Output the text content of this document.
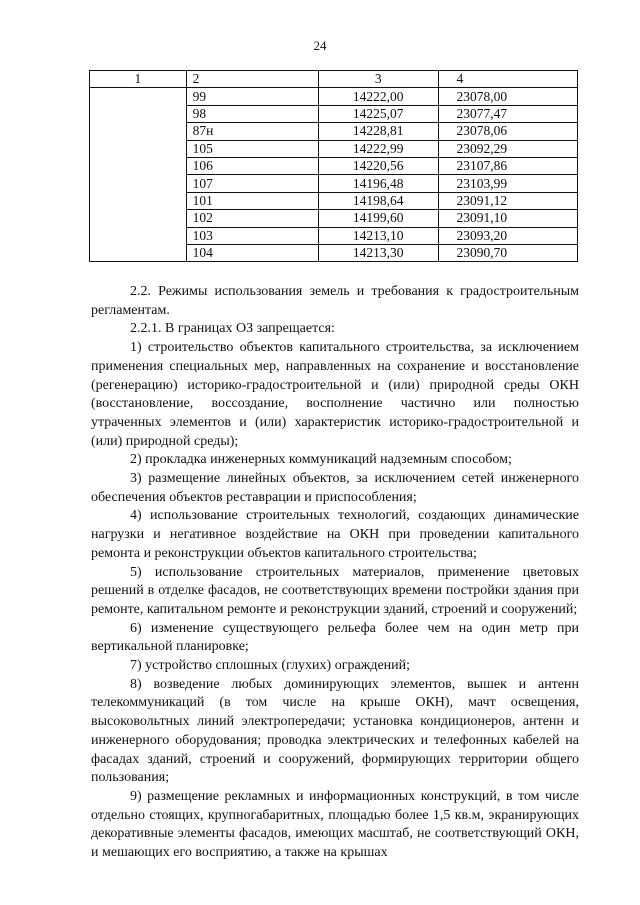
24
1	2	3	4
	99	14222,00	23078,00
	98	14225,07	23077,47
	87н	14228,81	23078,06
	105	14222,99	23092,29
	106	14220,56	23107,86
	107	14196,48	23103,99
	101	14198,64	23091,12
	102	14199,60	23091,10
	103	14213,10	23093,20
	104	14213,30	23090,70

2.2. Режимы использования земель и требования к градостроительным регламентам.

2.2.1. В границах ОЗ запрещается:

1) строительство объектов капитального строительства, за исключением применения специальных мер, направленных на сохранение и восстановление (регенерацию) историко-градостроительной и (или) природной среды ОКН (восстановление, воссоздание, восполнение частично или полностью утраченных элементов и (или) характеристик историко-градостроительной и (или) природной среды);

2) прокладка инженерных коммуникаций надземным способом;

3) размещение линейных объектов, за исключением сетей инженерного обеспечения объектов реставрации и приспособления;

4) использование строительных технологий, создающих динамические нагрузки и негативное воздействие на ОКН при проведении капитального ремонта и реконструкции объектов капитального строительства;

5) использование строительных материалов, применение цветовых решений в отделке фасадов, не соответствующих времени постройки здания при ремонте, капитальном ремонте и реконструкции зданий, строений и сооружений;

6) изменение существующего рельефа более чем на один метр при вертикальной планировке;

7) устройство сплошных (глухих) ограждений;

8) возведение любых доминирующих элементов, вышек и антенн телекоммуникаций (в том числе на крыше ОКН), мачт освещения, высоковольтных линий электропередачи; установка кондиционеров, антенн и инженерного оборудования; проводка электрических и телефонных кабелей на фасадах зданий, строений и сооружений, формирующих территории общего пользования;

9) размещение рекламных и информационных конструкций, в том числе отдельно стоящих, крупногабаритных, площадью более 1,5 кв.м, экранирующих декоративные элементы фасадов, имеющих масштаб, не соответствующий ОКН, и мешающих его восприятию, а также на крышах
